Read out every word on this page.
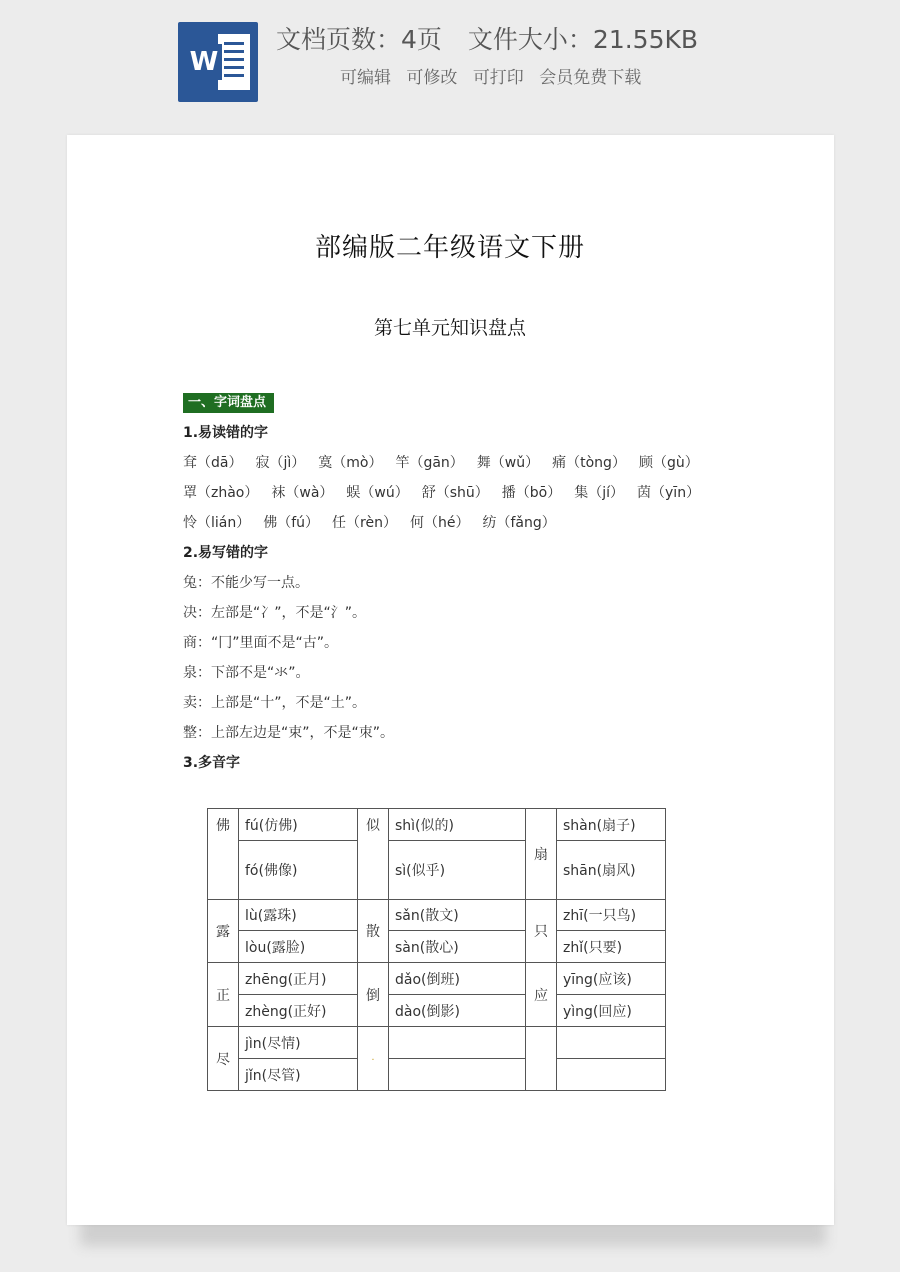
W
文档页数：4页 文件大小：21.55KB
可编辑 可修改 可打印 会员免费下载
部编版二年级语文下册
第七单元知识盘点
一、字词盘点
1.易读错的字
耷（dā） 寂（jì） 寞（mò） 竿（gān） 舞（wǔ） 痛（tòng） 顾（gù）
罩（zhào） 袜（wà） 蜈（wú） 舒（shū） 播（bō） 集（jí） 茵（yīn）
怜（lián） 佛（fú） 任（rèn） 何（hé） 纺（fǎng）
2.易写错的字
兔：不能少写一点。
决：左部是“冫”，不是“氵”。
商：“冂”里面不是“古”。
泉：下部不是“氺”。
卖：上部是“十”，不是“土”。
整：上部左边是“束”，不是“朿”。
3.多音字
佛	fú(仿佛)	似	shì(似的)	扇	shàn(扇子)
	fó(佛像)		sì(似乎)		shān(扇风)
露	lù(露珠)	散	sǎn(散文)	只	zhī(一只鸟)
	lòu(露脸)		sàn(散心)		zhǐ(只要)
正	zhēng(正月)	倒	dǎo(倒班)	应	yīng(应该)
	zhèng(正好)		dào(倒影)		yìng(回应)
尽	jìn(尽情)	·			
	jǐn(尽管)				
